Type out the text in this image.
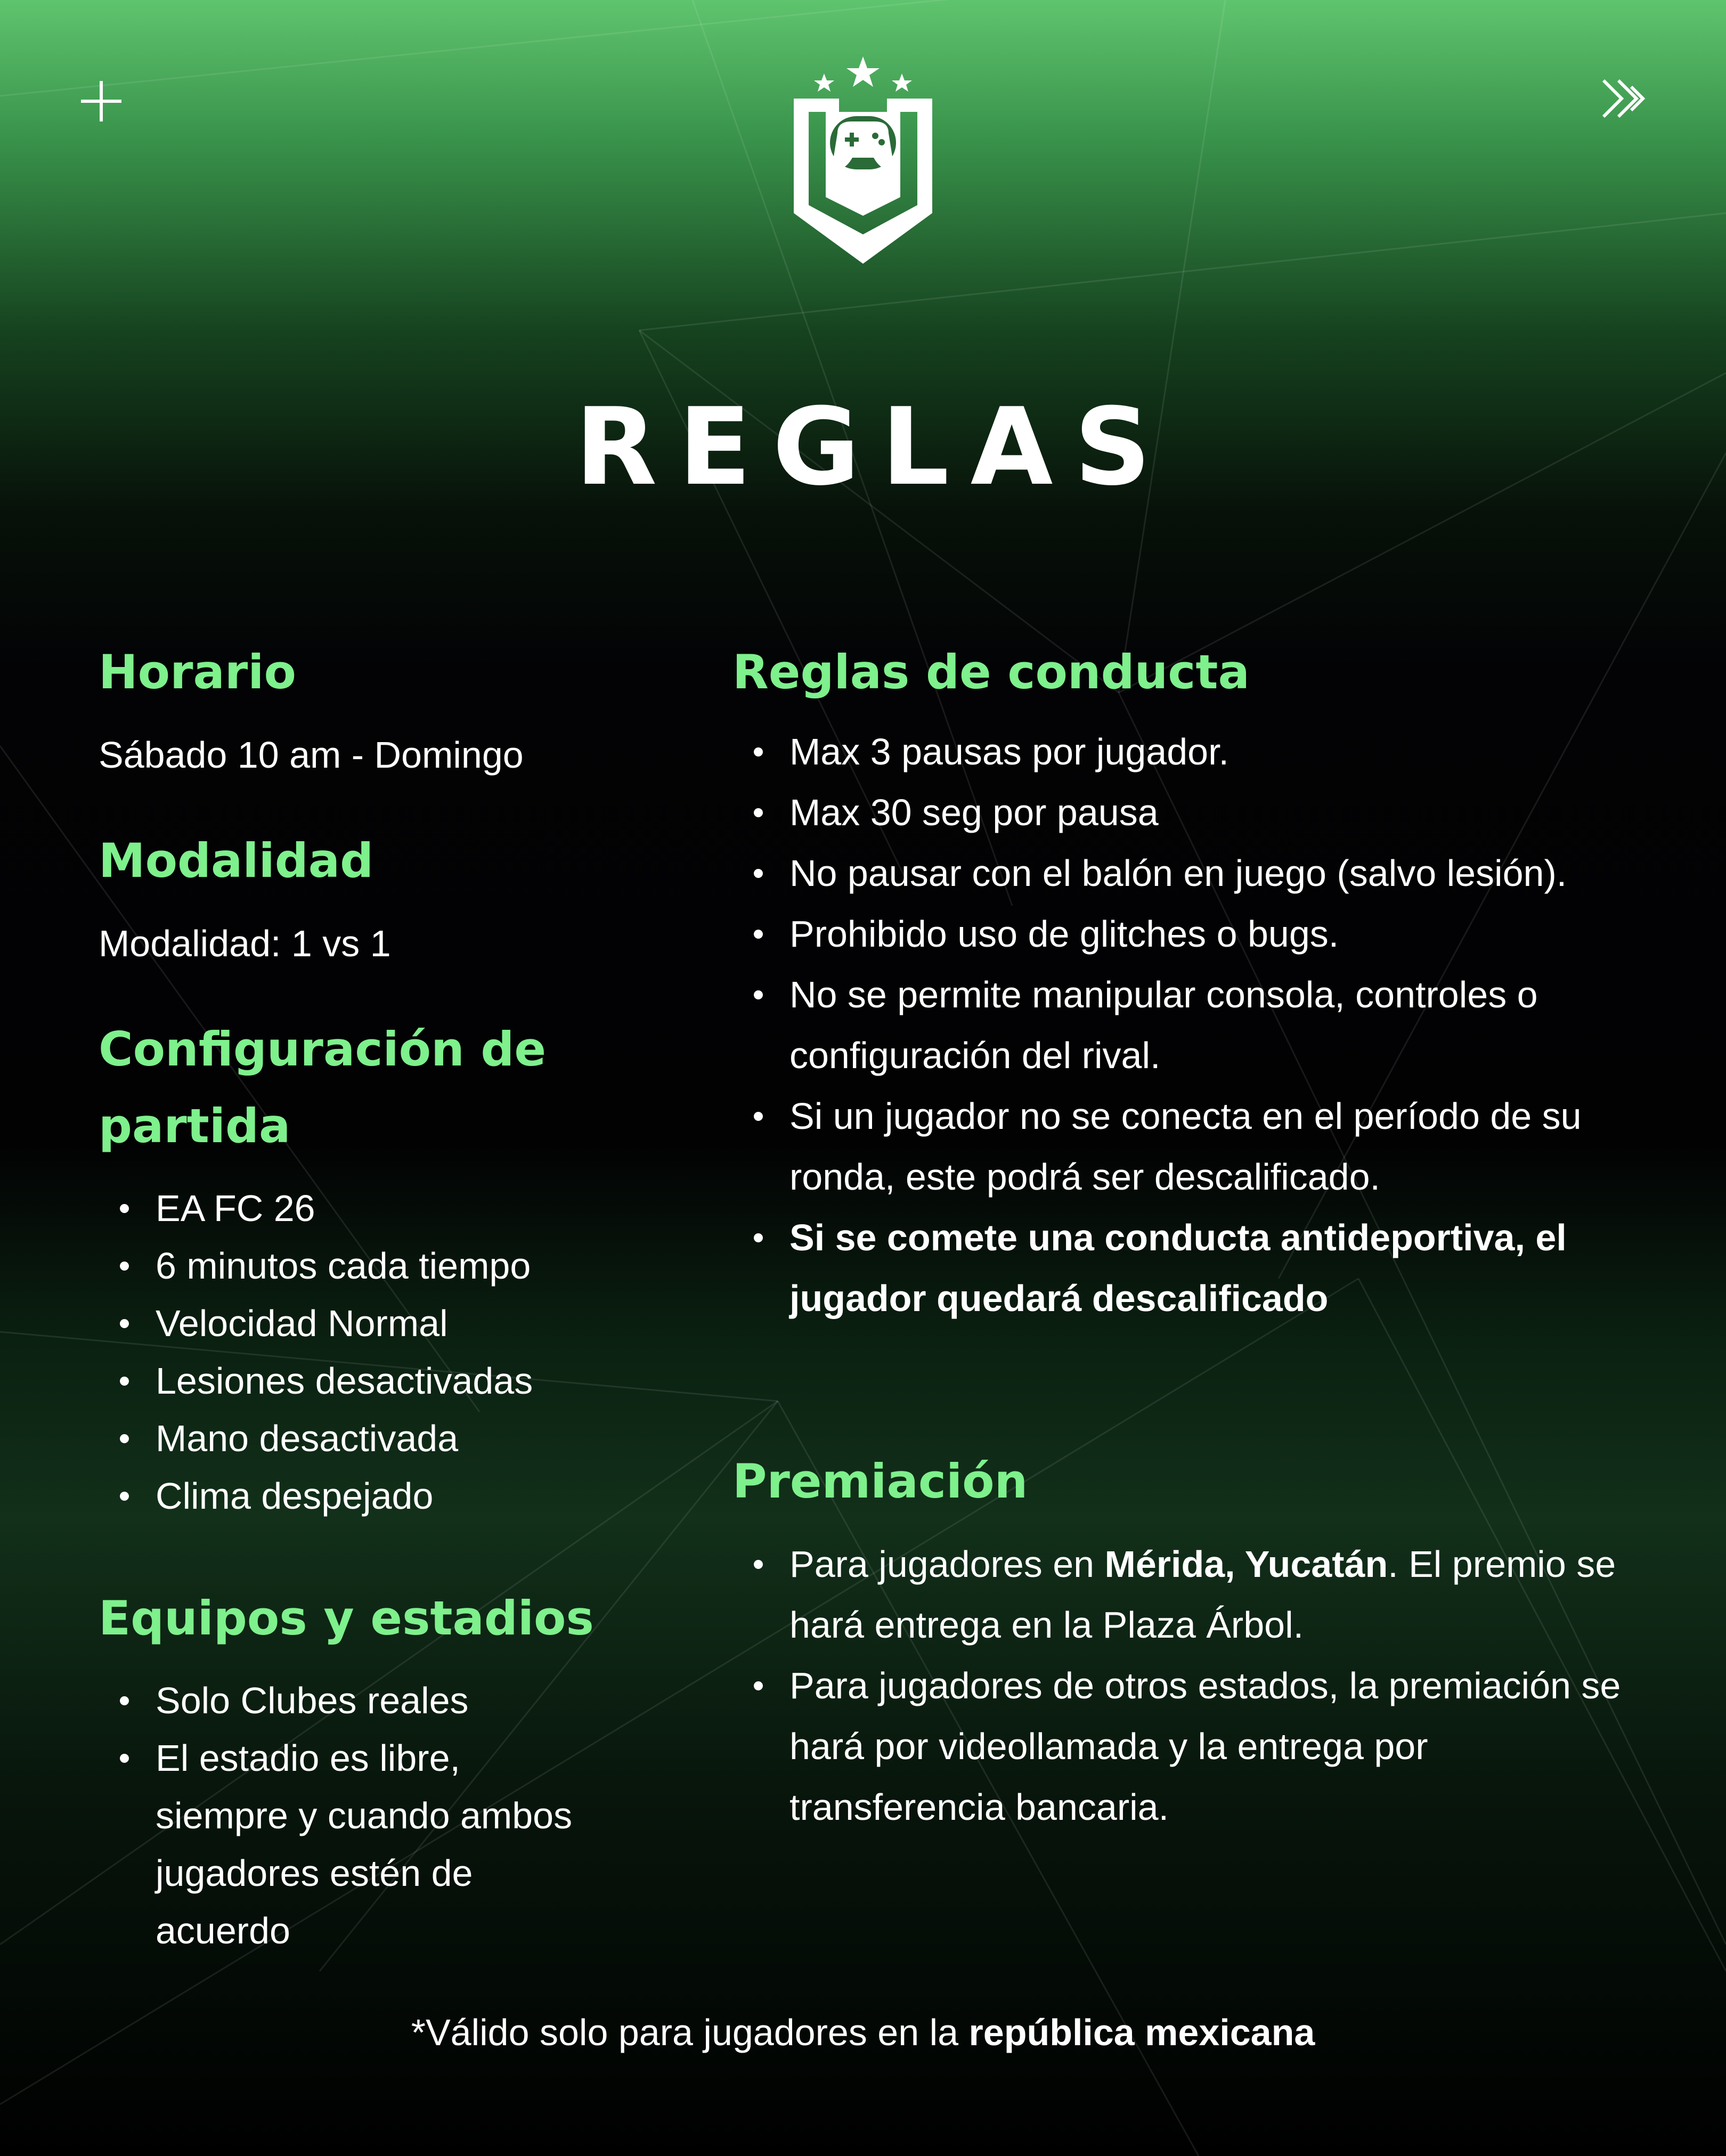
REGLAS
Horario
Sábado 10 am - Domingo
Modalidad
Modalidad: 1 vs 1
Configuración de
partida
EA FC 26
6 minutos cada tiempo
Velocidad Normal
Lesiones desactivadas
Mano desactivada
Clima despejado
Equipos y estadios
Solo Clubes reales
El estadio es libre, siempre y cuando ambos jugadores estén de acuerdo
Reglas de conducta
Max 3 pausas por jugador.
Max 30 seg por pausa
No pausar con el balón en juego (salvo lesión).
Prohibido uso de glitches o bugs.
No se permite manipular consola, controles o configuración del rival.
Si un jugador no se conecta en el período de su ronda, este podrá ser descalificado.
Si se comete una conducta antideportiva, el jugador quedará descalificado
Premiación
Para jugadores en Mérida, Yucatán. El premio se hará entrega en la Plaza Árbol.
Para jugadores de otros estados, la premiación se hará por videollamada y la entrega por transferencia bancaria.
*Válido solo para jugadores en la república mexicana
